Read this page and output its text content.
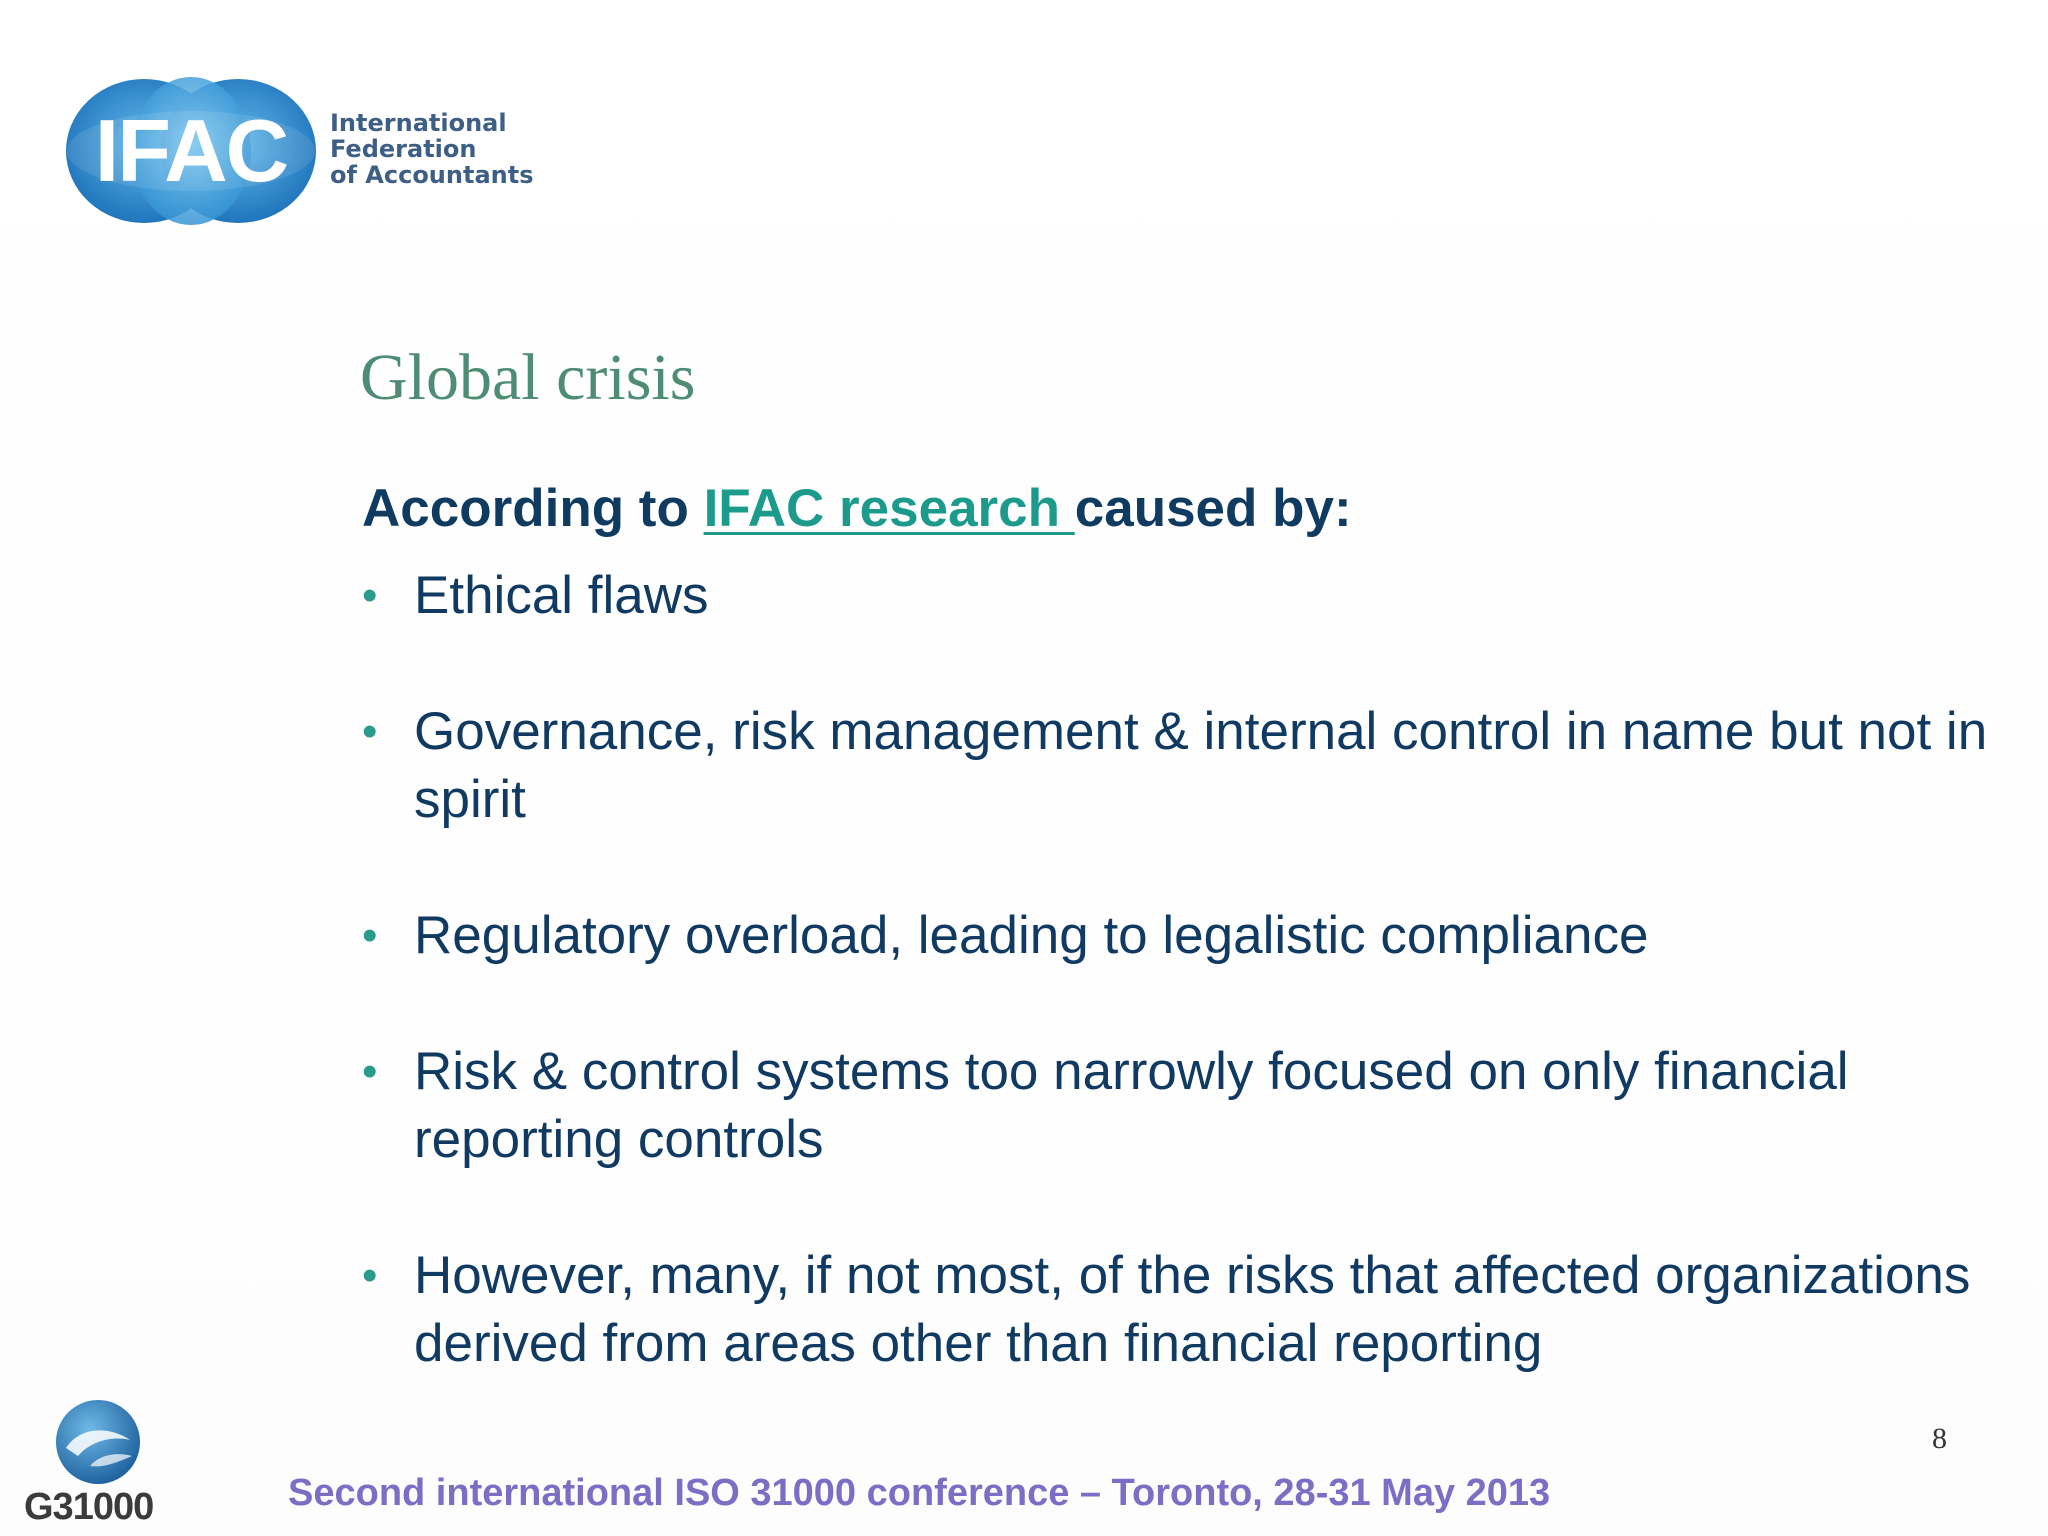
IFAC	International
Federation
of Accountants
Global crisis
According to IFAC research caused by:
• Ethical flaws
• Governance, risk management & internal control in name but not in spirit
• Regulatory overload, leading to legalistic compliance
• Risk & control systems too narrowly focused on only financial reporting controls
• However, many, if not most, of the risks that affected organizations derived from areas other than financial reporting
8
G31000	Second international ISO 31000 conference – Toronto, 28-31 May 2013
